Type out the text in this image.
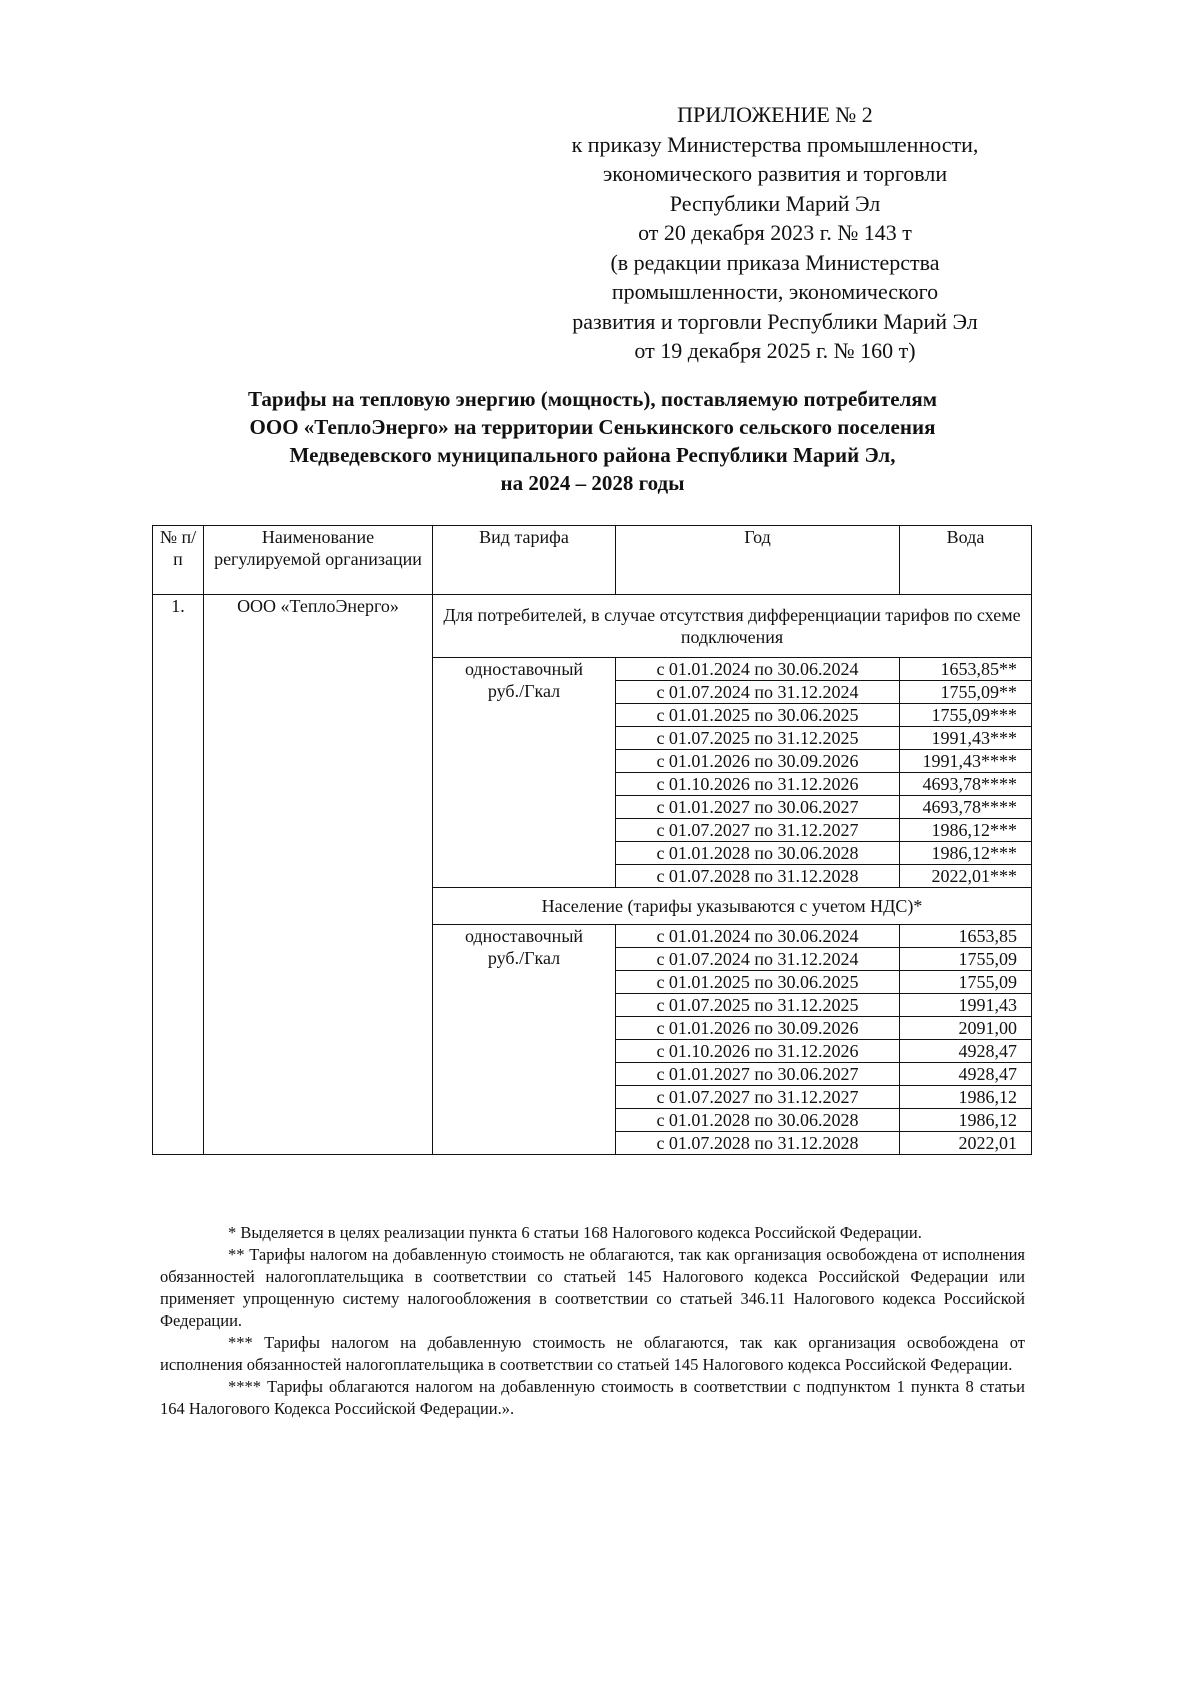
ПРИЛОЖЕНИЕ № 2
к приказу Министерства промышленности,
экономического развития и торговли
Республики Марий Эл
от 20 декабря 2023 г. № 143 т
(в редакции приказа Министерства
промышленности, экономического
развития и торговли Республики Марий Эл
от 19 декабря 2025 г. № 160 т)
Тарифы на тепловую энергию (мощность), поставляемую потребителям
ООО «ТеплоЭнерго» на территории Сенькинского сельского поселения
Медведевского муниципального района Республики Марий Эл,
на 2024 – 2028 годы
№ п/п	Наименование регулируемой организации	Вид тарифа	Год	Вода
1.	ООО «ТеплоЭнерго»	Для потребителей, в случае отсутствия дифференциации тарифов по схеме подключения		
		одноставочный руб./Гкал	с 01.01.2024 по 30.06.2024	1653,85**
			с 01.07.2024 по 31.12.2024	1755,09**
			с 01.01.2025 по 30.06.2025	1755,09***
			с 01.07.2025 по 31.12.2025	1991,43***
			с 01.01.2026 по 30.09.2026	1991,43****
			с 01.10.2026 по 31.12.2026	4693,78****
			с 01.01.2027 по 30.06.2027	4693,78****
			с 01.07.2027 по 31.12.2027	1986,12***
			с 01.01.2028 по 30.06.2028	1986,12***
			с 01.07.2028 по 31.12.2028	2022,01***
		Население (тарифы указываются с учетом НДС)*		
		одноставочный руб./Гкал	с 01.01.2024 по 30.06.2024	1653,85
			с 01.07.2024 по 31.12.2024	1755,09
			с 01.01.2025 по 30.06.2025	1755,09
			с 01.07.2025 по 31.12.2025	1991,43
			с 01.01.2026 по 30.09.2026	2091,00
			с 01.10.2026 по 31.12.2026	4928,47
			с 01.01.2027 по 30.06.2027	4928,47
			с 01.07.2027 по 31.12.2027	1986,12
			с 01.01.2028 по 30.06.2028	1986,12
			с 01.07.2028 по 31.12.2028	2022,01

* Выделяется в целях реализации пункта 6 статьи 168 Налогового кодекса Российской Федерации.

** Тарифы налогом на добавленную стоимость не облагаются, так как организация освобождена от исполнения обязанностей налогоплательщика в соответствии со статьей 145 Налогового кодекса Российской Федерации или применяет упрощенную систему налогообложения в соответствии со статьей 346.11 Налогового кодекса Российской Федерации.

*** Тарифы налогом на добавленную стоимость не облагаются, так как организация освобождена от исполнения обязанностей налогоплательщика в соответствии со статьей 145 Налогового кодекса Российской Федерации.

**** Тарифы облагаются налогом на добавленную стоимость в соответствии с подпунктом 1 пункта 8 статьи 164 Налогового Кодекса Российской Федерации.».
